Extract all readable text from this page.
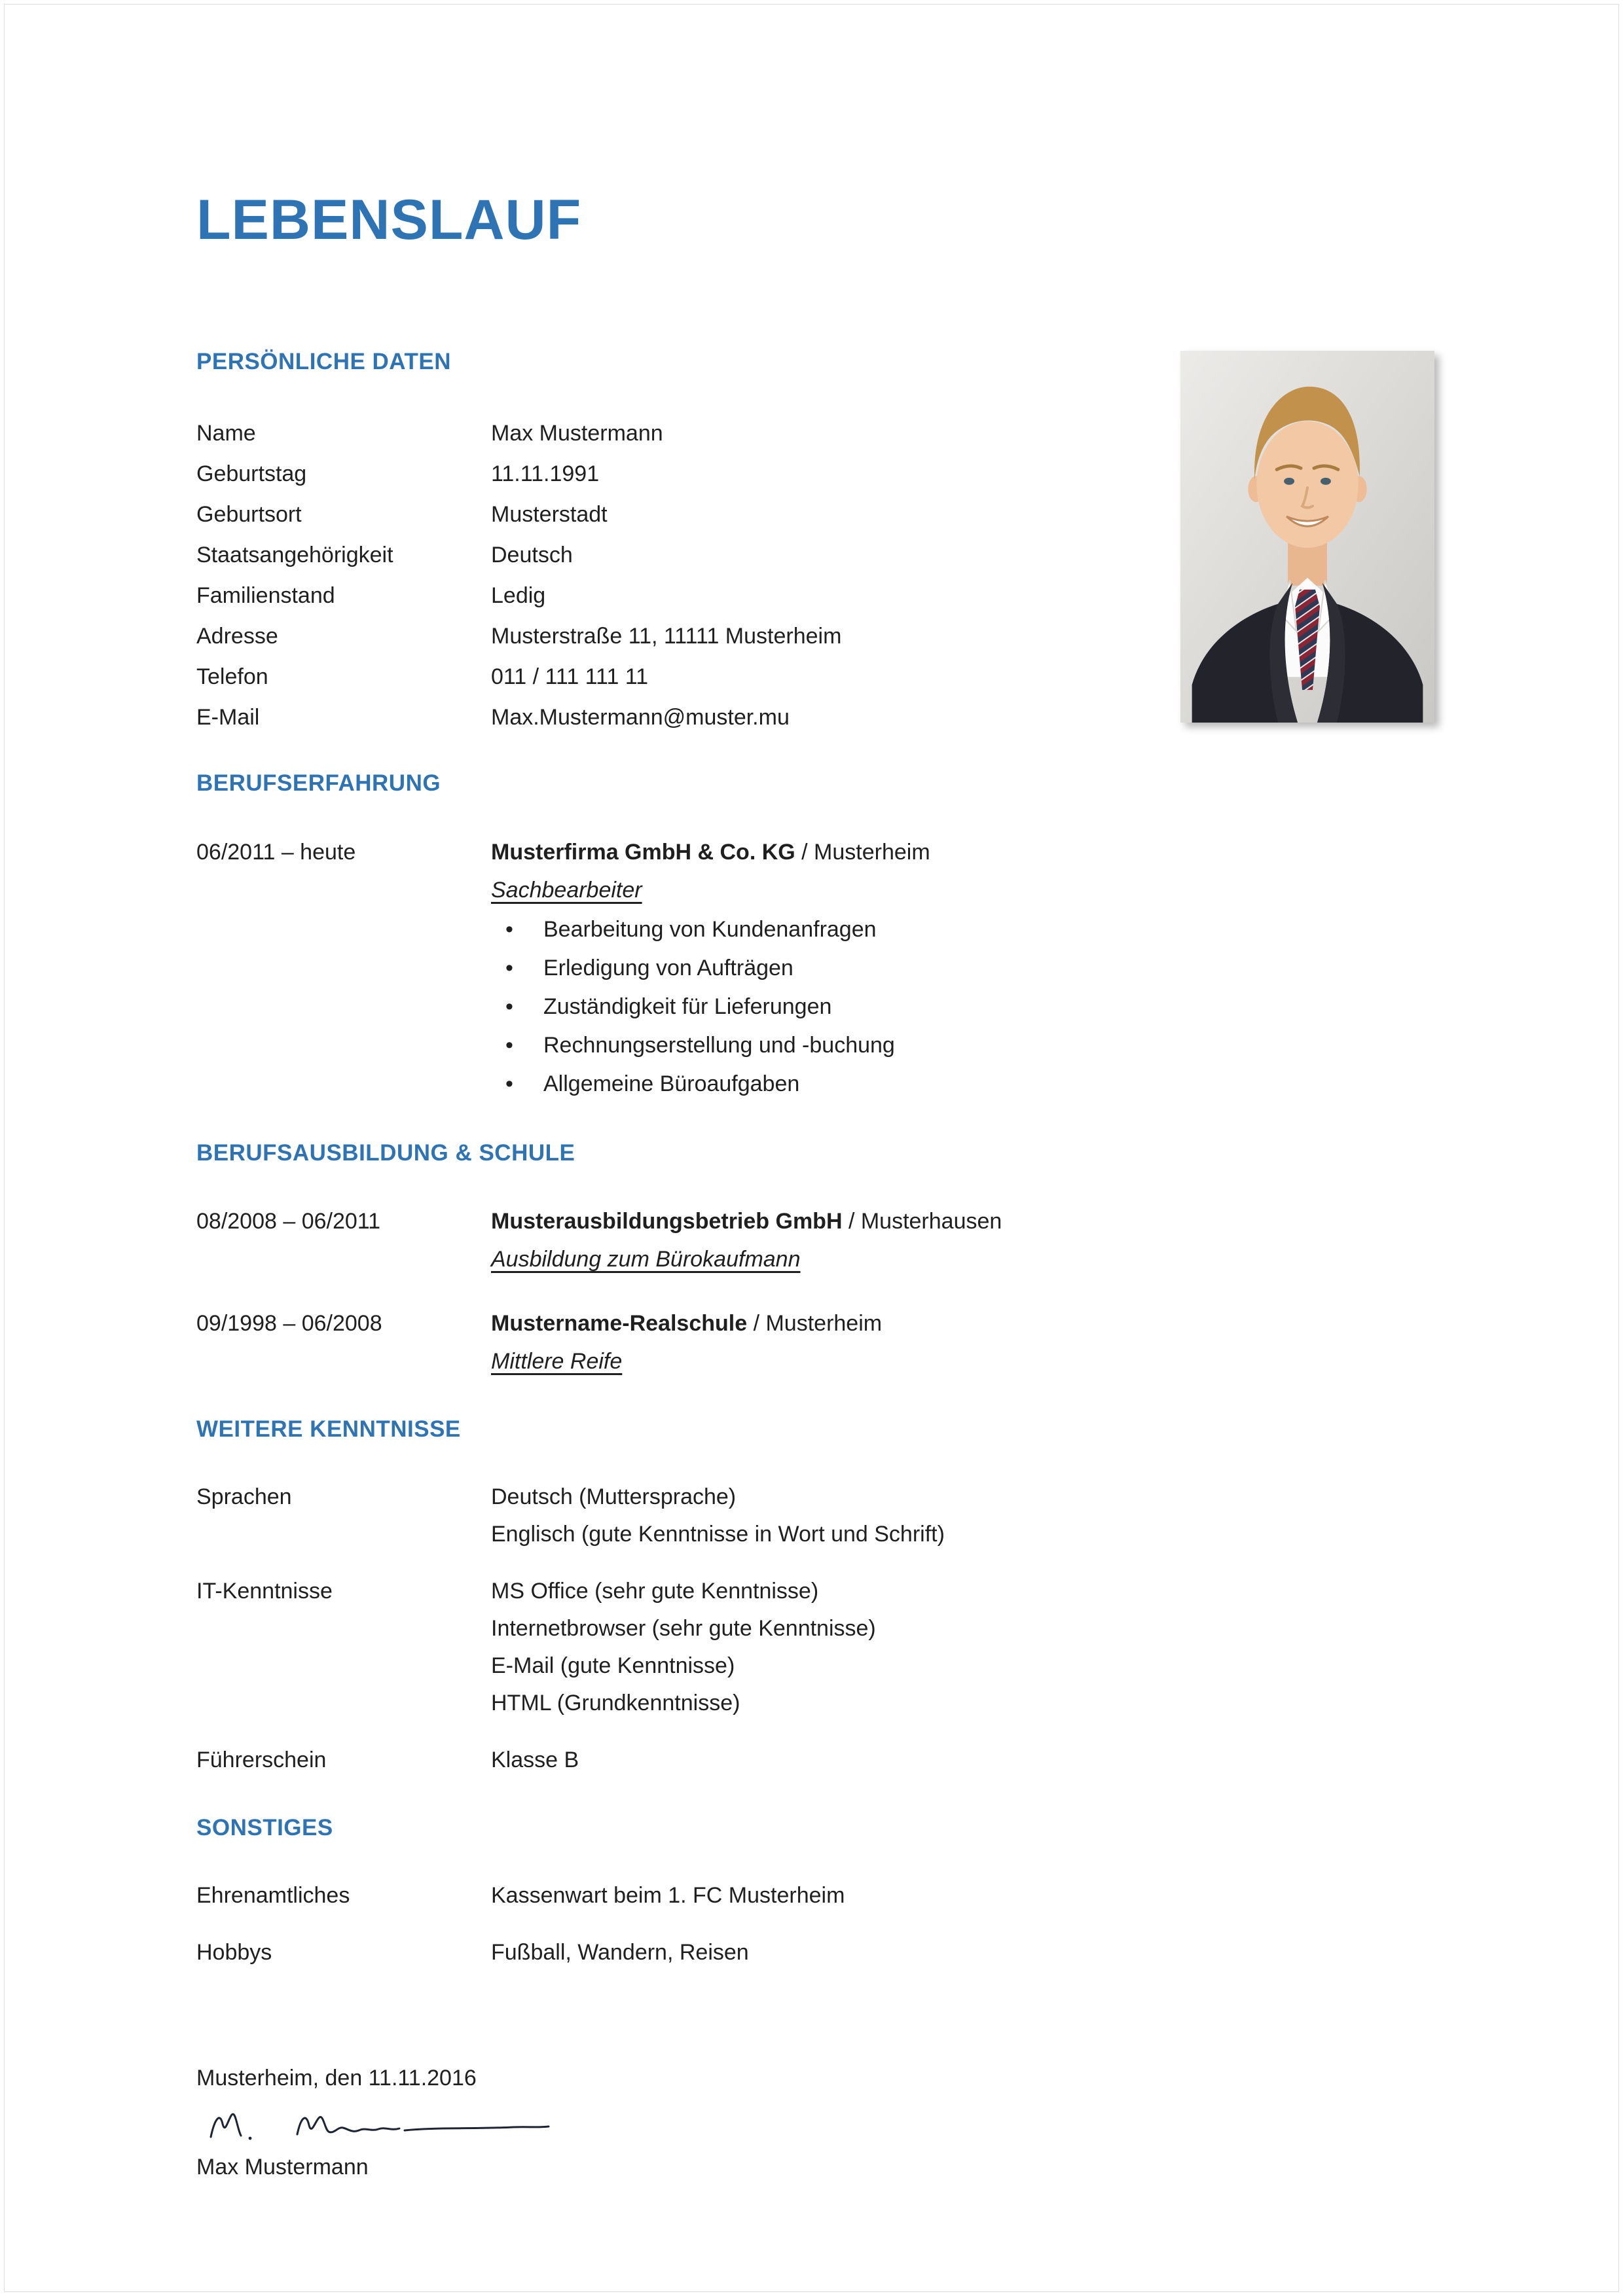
LEBENSLAUF
PERSÖNLICHE DATEN
Name	Max Mustermann
Geburtstag	11.11.1991
Geburtsort	Musterstadt
Staatsangehörigkeit	Deutsch
Familienstand	Ledig
Adresse	Musterstraße 11, 11111 Musterheim
Telefon	011 / 111 111 11
E-Mail	Max.Mustermann@muster.mu
BERUFSERFAHRUNG
06/2011 – heute	Musterfirma GmbH & Co. KG / Musterheim
Sachbearbeiter
• Bearbeitung von Kundenanfragen
• Erledigung von Aufträgen
• Zuständigkeit für Lieferungen
• Rechnungserstellung und -buchung
• Allgemeine Büroaufgaben
BERUFSAUSBILDUNG & SCHULE
08/2008 – 06/2011	Musterausbildungsbetrieb GmbH / Musterhausen
Ausbildung zum Bürokaufmann
09/1998 – 06/2008	Mustername-Realschule / Musterheim
Mittlere Reife
WEITERE KENNTNISSE
Sprachen	Deutsch (Muttersprache)
Englisch (gute Kenntnisse in Wort und Schrift)
IT-Kenntnisse	MS Office (sehr gute Kenntnisse)
Internetbrowser (sehr gute Kenntnisse)
E-Mail (gute Kenntnisse)
HTML (Grundkenntnisse)
Führerschein	Klasse B
SONSTIGES
Ehrenamtliches	Kassenwart beim 1. FC Musterheim
Hobbys	Fußball, Wandern, Reisen
Musterheim, den 11.11.2016
Max Mustermann
